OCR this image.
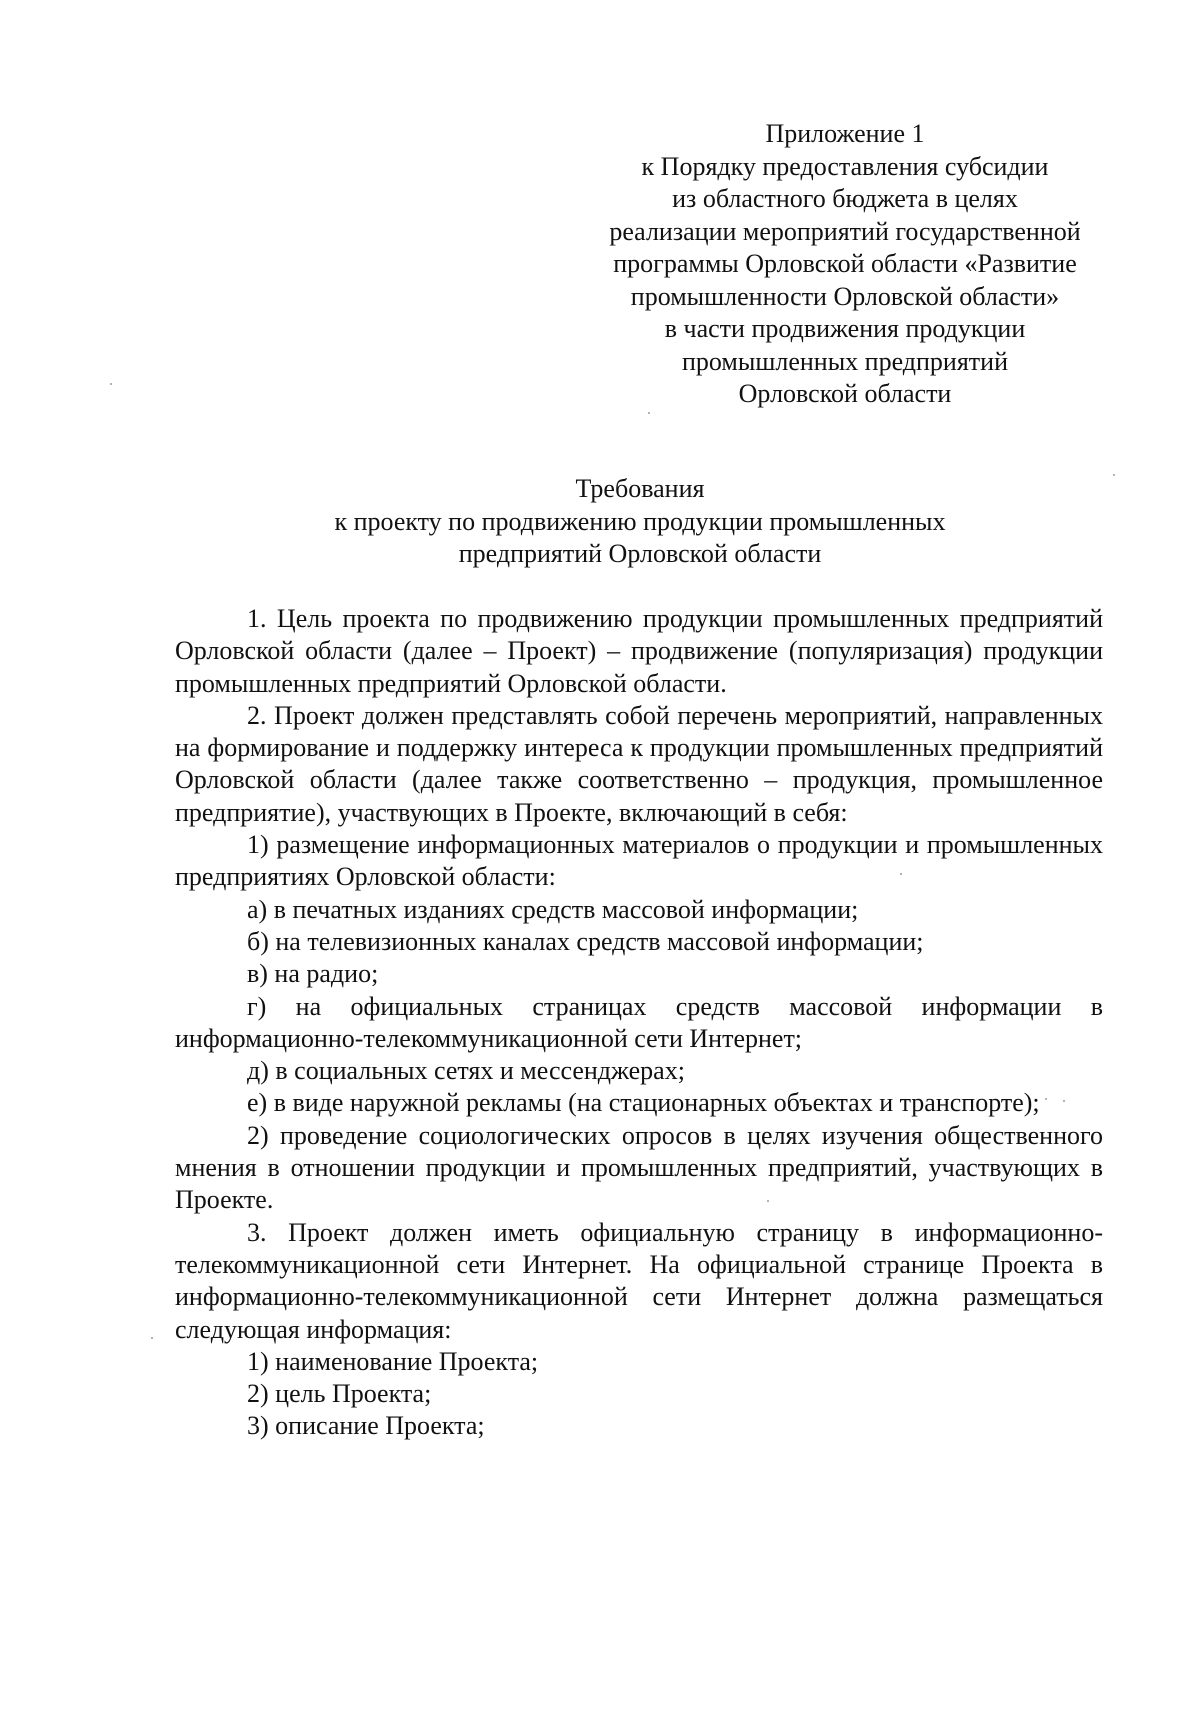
Приложение 1
к Порядку предоставления субсидии
из областного бюджета в целях
реализации мероприятий государственной
программы Орловской области «Развитие
промышленности Орловской области»
в части продвижения продукции
промышленных предприятий
Орловской области
Требования
к проекту по продвижению продукции промышленных
предприятий Орловской области

1. Цель проекта по продвижению продукции промышленных предприятий Орловской области (далее – Проект) – продвижение (популяризация) продукции промышленных предприятий Орловской области.

2. Проект должен представлять собой перечень мероприятий, направленных на формирование и поддержку интереса к продукции промышленных предприятий Орловской области (далее также соответственно – продукция, промышленное предприятие), участвующих в Проекте, включающий в себя:

1) размещение информационных материалов о продукции и промышленных предприятиях Орловской области:

а) в печатных изданиях средств массовой информации;

б) на телевизионных каналах средств массовой информации;

в) на радио;

г) на официальных страницах средств массовой информации в информационно-телекоммуникационной сети Интернет;

д) в социальных сетях и мессенджерах;

е) в виде наружной рекламы (на стационарных объектах и транспорте);

2) проведение социологических опросов в целях изучения общественного мнения в отношении продукции и промышленных предприятий, участвующих в Проекте.

3. Проект должен иметь официальную страницу в информационно-телекоммуникационной сети Интернет. На официальной странице Проекта в информационно-телекоммуникационной сети Интернет должна размещаться следующая информация:

1) наименование Проекта;

2) цель Проекта;

3) описание Проекта;
